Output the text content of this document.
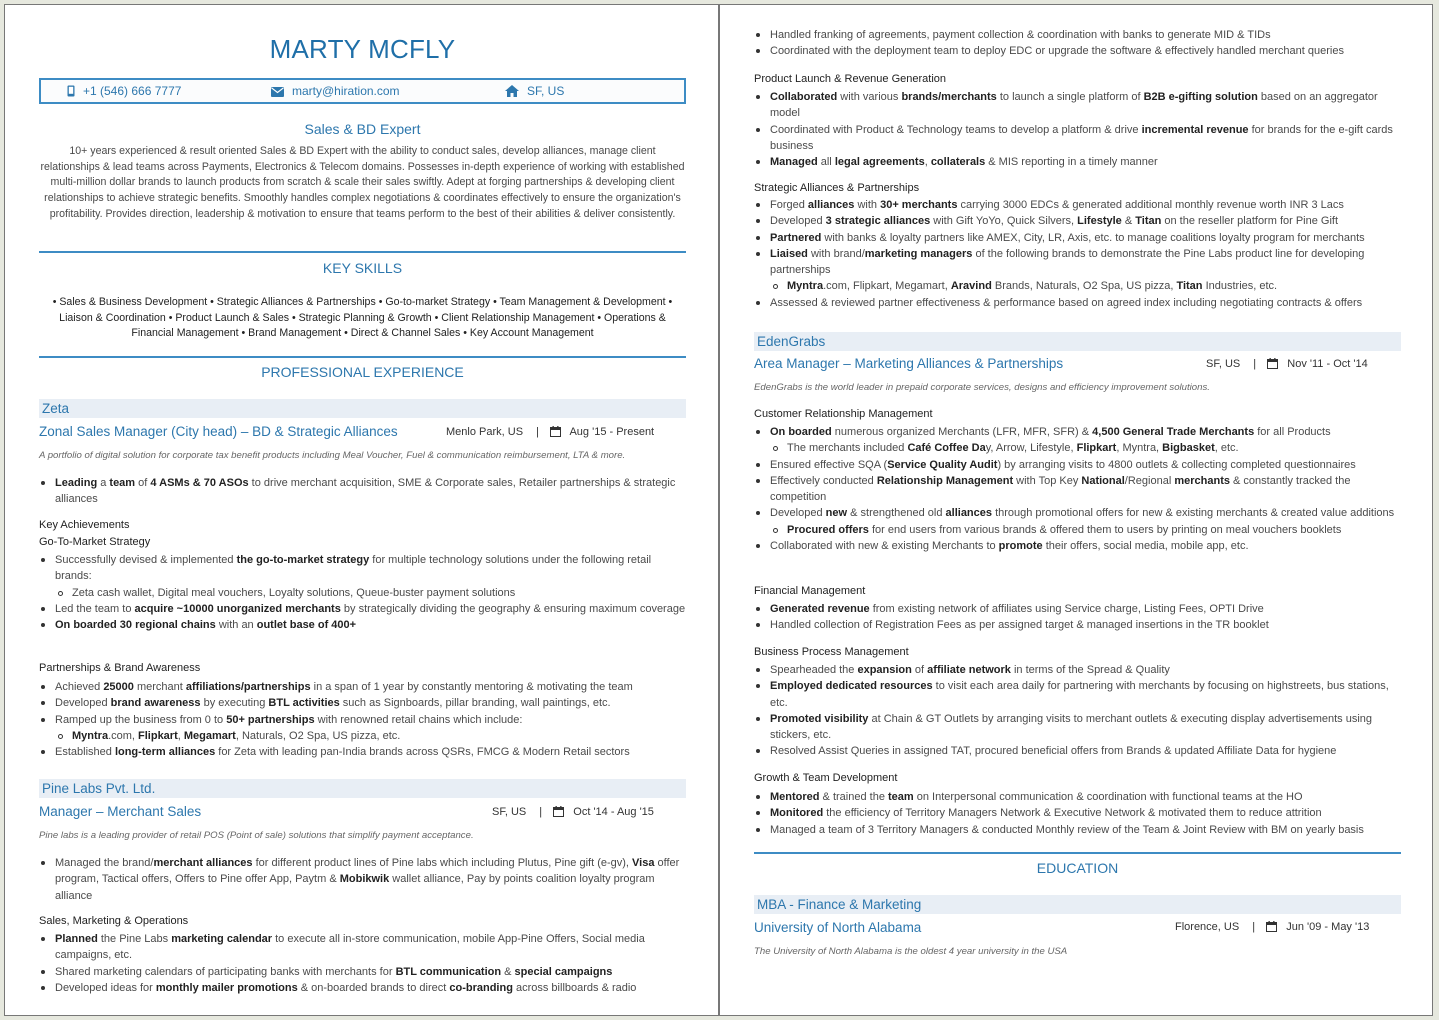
MARTY MCFLY
+1 (546) 666 7777	marty@hiration.com	SF, US
Sales & BD Expert
10+ years experienced & result oriented Sales & BD Expert with the ability to conduct sales, develop alliances, manage client relationships & lead teams across Payments, Electronics & Telecom domains. Possesses in-depth experience of working with established multi-million dollar brands to launch products from scratch & scale their sales swiftly. Adept at forging partnerships & developing client relationships to achieve strategic benefits. Smoothly handles complex negotiations & coordinates effectively to ensure the organization's profitability. Provides direction, leadership & motivation to ensure that teams perform to the best of their abilities & deliver consistently.
KEY SKILLS
• Sales & Business Development • Strategic Alliances & Partnerships • Go-to-market Strategy • Team Management & Development • Liaison & Coordination • Product Launch & Sales • Strategic Planning & Growth • Client Relationship Management • Operations & Financial Management • Brand Management • Direct & Channel Sales • Key Account Management
PROFESSIONAL EXPERIENCE
Zeta
Zonal Sales Manager (City head) – BD & Strategic Alliances	Menlo Park, US |	Aug '15 - Present
A portfolio of digital solution for corporate tax benefit products including Meal Voucher, Fuel & communication reimbursement, LTA & more.
Leading a team of 4 ASMs & 70 ASOs to drive merchant acquisition, SME & Corporate sales, Retailer partnerships & strategic alliances
Key Achievements
Go-To-Market Strategy
Successfully devised & implemented the go-to-market strategy for multiple technology solutions under the following retail brands:
Zeta cash wallet, Digital meal vouchers, Loyalty solutions, Queue-buster payment solutions
Led the team to acquire ~10000 unorganized merchants by strategically dividing the geography & ensuring maximum coverage
On boarded 30 regional chains with an outlet base of 400+
Partnerships & Brand Awareness
Achieved 25000 merchant affiliations/partnerships in a span of 1 year by constantly mentoring & motivating the team
Developed brand awareness by executing BTL activities such as Signboards, pillar branding, wall paintings, etc.
Ramped up the business from 0 to 50+ partnerships with renowned retail chains which include:
Myntra.com, Flipkart, Megamart, Naturals, O2 Spa, US pizza, etc.
Established long-term alliances for Zeta with leading pan-India brands across QSRs, FMCG & Modern Retail sectors
Pine Labs Pvt. Ltd.
Manager – Merchant Sales	SF, US |	Oct '14 - Aug '15
Pine labs is a leading provider of retail POS (Point of sale) solutions that simplify payment acceptance.
Managed the brand/merchant alliances for different product lines of Pine labs which including Plutus, Pine gift (e-gv), Visa offer program, Tactical offers, Offers to Pine offer App, Paytm & Mobikwik wallet alliance, Pay by points coalition loyalty program alliance
Sales, Marketing & Operations
Planned the Pine Labs marketing calendar to execute all in-store communication, mobile App-Pine Offers, Social media campaigns, etc.
Shared marketing calendars of participating banks with merchants for BTL communication & special campaigns
Developed ideas for monthly mailer promotions & on-boarded brands to direct co-branding across billboards & radio
Handled franking of agreements, payment collection & coordination with banks to generate MID & TIDs
Coordinated with the deployment team to deploy EDC or upgrade the software & effectively handled merchant queries
Product Launch & Revenue Generation
Collaborated with various brands/merchants to launch a single platform of B2B e-gifting solution based on an aggregator model
Coordinated with Product & Technology teams to develop a platform & drive incremental revenue for brands for the e-gift cards business
Managed all legal agreements, collaterals & MIS reporting in a timely manner
Strategic Alliances & Partnerships
Forged alliances with 30+ merchants carrying 3000 EDCs & generated additional monthly revenue worth INR 3 Lacs
Developed 3 strategic alliances with Gift YoYo, Quick Silvers, Lifestyle & Titan on the reseller platform for Pine Gift
Partnered with banks & loyalty partners like AMEX, City, LR, Axis, etc. to manage coalitions loyalty program for merchants
Liaised with brand/marketing managers of the following brands to demonstrate the Pine Labs product line for developing partnerships
Myntra.com, Flipkart, Megamart, Aravind Brands, Naturals, O2 Spa, US pizza, Titan Industries, etc.
Assessed & reviewed partner effectiveness & performance based on agreed index including negotiating contracts & offers
EdenGrabs
Area Manager – Marketing Alliances & Partnerships	SF, US |	Nov '11 - Oct '14
EdenGrabs is the world leader in prepaid corporate services, designs and efficiency improvement solutions.
Customer Relationship Management
On boarded numerous organized Merchants (LFR, MFR, SFR) & 4,500 General Trade Merchants for all Products
The merchants included Café Coffee Day, Arrow, Lifestyle, Flipkart, Myntra, Bigbasket, etc.
Ensured effective SQA (Service Quality Audit) by arranging visits to 4800 outlets & collecting completed questionnaires
Effectively conducted Relationship Management with Top Key National/Regional merchants & constantly tracked the competition
Developed new & strengthened old alliances through promotional offers for new & existing merchants & created value additions
Procured offers for end users from various brands & offered them to users by printing on meal vouchers booklets
Collaborated with new & existing Merchants to promote their offers, social media, mobile app, etc.
Financial Management
Generated revenue from existing network of affiliates using Service charge, Listing Fees, OPTI Drive
Handled collection of Registration Fees as per assigned target & managed insertions in the TR booklet
Business Process Management
Spearheaded the expansion of affiliate network in terms of the Spread & Quality
Employed dedicated resources to visit each area daily for partnering with merchants by focusing on highstreets, bus stations, etc.
Promoted visibility at Chain & GT Outlets by arranging visits to merchant outlets & executing display advertisements using stickers, etc.
Resolved Assist Queries in assigned TAT, procured beneficial offers from Brands & updated Affiliate Data for hygiene
Growth & Team Development
Mentored & trained the team on Interpersonal communication & coordination with functional teams at the HO
Monitored the efficiency of Territory Managers Network & Executive Network & motivated them to reduce attrition
Managed a team of 3 Territory Managers & conducted Monthly review of the Team & Joint Review with BM on yearly basis
EDUCATION
MBA - Finance & Marketing
University of North Alabama	Florence, US |	Jun '09 - May '13
The University of North Alabama is the oldest 4 year university in the USA
